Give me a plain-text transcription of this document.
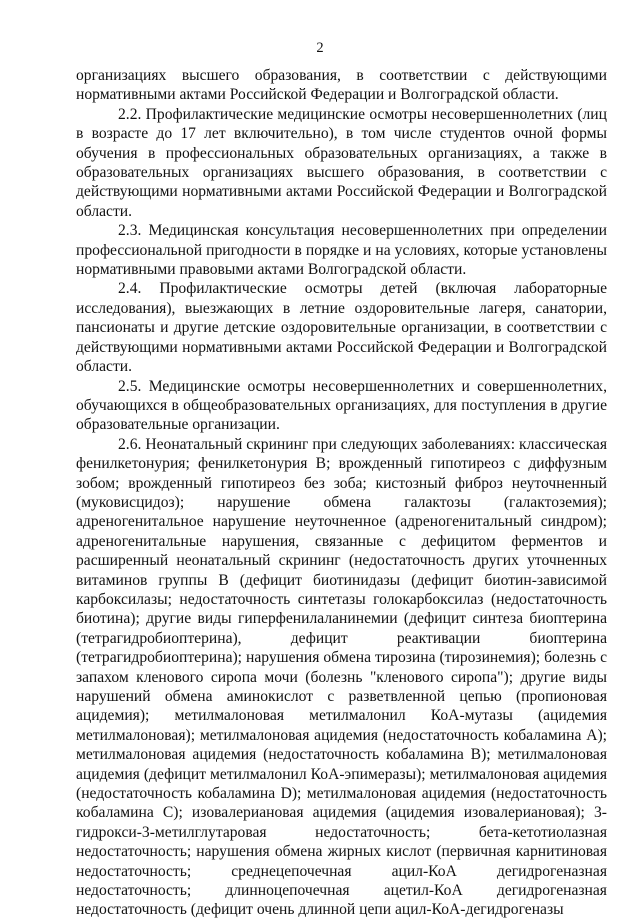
2

организациях высшего образования, в соответствии с действующими нормативными актами Российской Федерации и Волгоградской области.

2.2. Профилактические медицинские осмотры несовершеннолетних (лиц в возрасте до 17 лет включительно), в том числе студентов очной формы обучения в профессиональных образовательных организациях, а также в образовательных организациях высшего образования, в соответствии с действующими нормативными актами Российской Федерации и Волгоградской области.

2.3. Медицинская консультация несовершеннолетних при определении профессиональной пригодности в порядке и на условиях, которые установлены нормативными правовыми актами Волгоградской области.

2.4. Профилактические осмотры детей (включая лабораторные исследования), выезжающих в летние оздоровительные лагеря, санатории, пансионаты и другие детские оздоровительные организации, в соответствии с действующими нормативными актами Российской Федерации и Волгоградской области.

2.5. Медицинские осмотры несовершеннолетних и совершеннолетних, обучающихся в общеобразовательных организациях, для поступления в другие образовательные организации.

2.6. Неонатальный скрининг при следующих заболеваниях: классическая фенилкетонурия; фенилкетонурия В; врожденный гипотиреоз с диффузным зобом; врожденный гипотиреоз без зоба; кистозный фиброз неуточненный (муковисцидоз); нарушение обмена галактозы (галактоземия); адреногенитальное нарушение неуточненное (адреногенитальный синдром); адреногенитальные нарушения, связанные с дефицитом ферментов и расширенный неонатальный скрининг (недостаточность других уточненных витаминов группы В (дефицит биотинидазы (дефицит биотин-зависимой карбоксилазы; недостаточность синтетазы голокарбоксилаз (недостаточность биотина); другие виды гиперфенилаланинемии (дефицит синтеза биоптерина (тетрагидробиоптерина), дефицит реактивации биоптерина (тетрагидробиоптерина); нарушения обмена тирозина (тирозинемия); болезнь с запахом кленового сиропа мочи (болезнь "кленового сиропа"); другие виды нарушений обмена аминокислот с разветвленной цепью (пропионовая ацидемия); метилмалоновая метилмалонил КоА-мутазы (ацидемия метилмалоновая); метилмалоновая ацидемия (недостаточность кобаламина А); метилмалоновая ацидемия (недостаточность кобаламина В); метилмалоновая ацидемия (дефицит метилмалонил КоА-эпимеразы); метилмалоновая ацидемия (недостаточность кобаламина D); метилмалоновая ацидемия (недостаточность кобаламина С); изовалериановая ацидемия (ацидемия изовалериановая); 3-гидрокси-3-метилглутаровая недостаточность; бета-кетотиолазная недостаточность; нарушения обмена жирных кислот (первичная карнитиновая недостаточность; среднецепочечная ацил-КоА дегидрогеназная недостаточность; длинноцепочечная ацетил-КоА дегидрогеназная недостаточность (дефицит очень длинной цепи ацил-КоА-дегидрогеназы
